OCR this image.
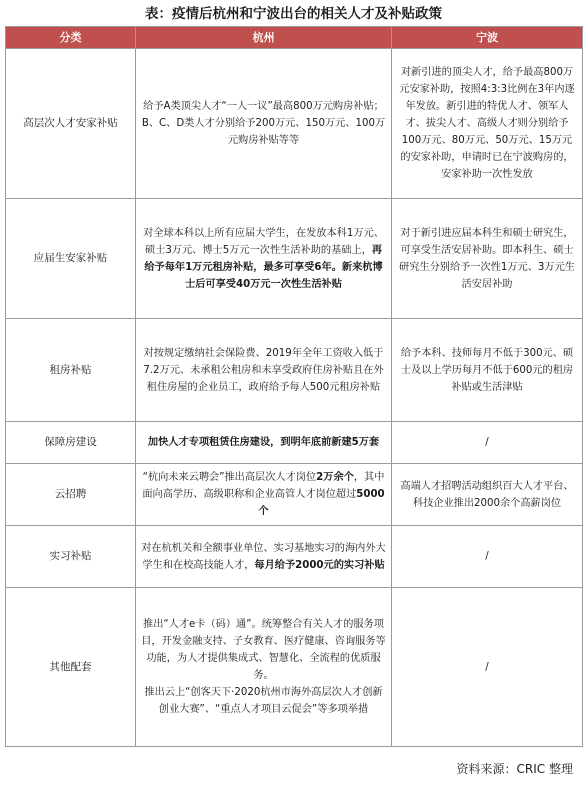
表：疫情后杭州和宁波出台的相关人才及补贴政策
分类	杭州	宁波
高层次人才安家补贴	给予A类顶尖人才“一人一议”最高800万元购房补贴；B、C、D类人才分别给予200万元、150万元、100万元购房补贴等等	对新引进的顶尖人才，给予最高800万元安家补助，按照4:3:3比例在3年内逐年发放。新引进的特优人才、领军人才、拔尖人才、高级人才则分别给予100万元、80万元、50万元、15万元的安家补助，申请时已在宁波购房的，安家补助一次性发放
应届生安家补贴	对全球本科以上所有应届大学生，在发放本科1万元、硕士3万元、博士5万元一次性生活补助的基础上，再给予每年1万元租房补贴，最多可享受6年。新来杭博士后可享受40万元一次性生活补贴	对于新引进应届本科生和硕士研究生，可享受生活安居补助。即本科生、硕士研究生分别给予一次性1万元、3万元生活安居补助
租房补贴	对按规定缴纳社会保险费、2019年全年工资收入低于7.2万元、未承租公租房和未享受政府住房补贴且在外租住房屋的企业员工，政府给予每人500元租房补贴	给予本科、技师每月不低于300元、硕士及以上学历每月不低于600元的租房补贴或生活津贴
保障房建设	加快人才专项租赁住房建设，到明年底前新建5万套	/
云招聘	“杭向未来云聘会”推出高层次人才岗位2万余个，其中面向高学历、高级职称和企业高管人才岗位超过5000个	高端人才招聘活动组织百大人才平台、科技企业推出2000余个高薪岗位
实习补贴	对在杭机关和全额事业单位、实习基地实习的海内外大学生和在校高技能人才，每月给予2000元的实习补贴	/
其他配套	推出“人才e卡（码）通”。统筹整合有关人才的服务项目，开发金融支持、子女教育、医疗健康、咨询服务等功能，为人才提供集成式、智慧化、全流程的优质服务。
推出云上“创客天下·2020杭州市海外高层次人才创新创业大赛”、“重点人才项目云促会”等多项举措	/
资料来源：CRIC 整理
